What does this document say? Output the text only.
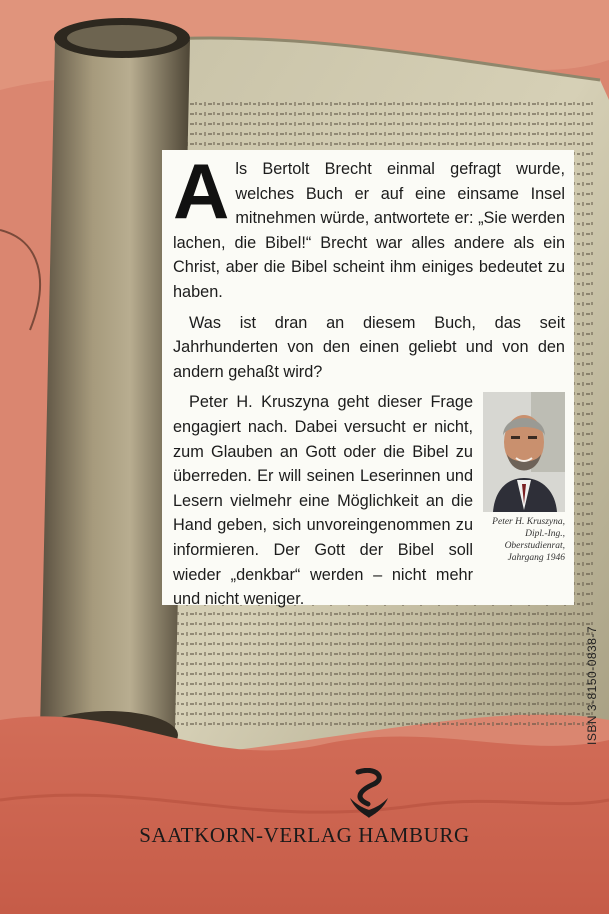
Als Bertolt Brecht einmal gefragt wurde, welches Buch er auf eine einsame Insel mitnehmen würde, antwortete er: „Sie werden lachen, die Bibel!“ Brecht war alles andere als ein Christ, aber die Bibel scheint ihm einiges bedeutet zu haben.

Was ist dran an diesem Buch, das seit Jahrhunderten von den einen geliebt und von den andern gehaßt wird?

Peter H. Kruszyna,
Dipl.-Ing.,
Oberstudienrat,
Jahrgang 1946

Peter H. Kruszyna geht dieser Frage engagiert nach. Dabei versucht er nicht, zum Glauben an Gott oder die Bibel zu überreden. Er will seinen Leserinnen und Lesern vielmehr eine Möglichkeit an die Hand geben, sich unvoreingenommen zu informieren. Der Gott der Bibel soll wieder „denkbar“ werden – nicht mehr und nicht weniger.

ISBN 3-8150-0838-7
SAATKORN-VERLAG HAMBURG
